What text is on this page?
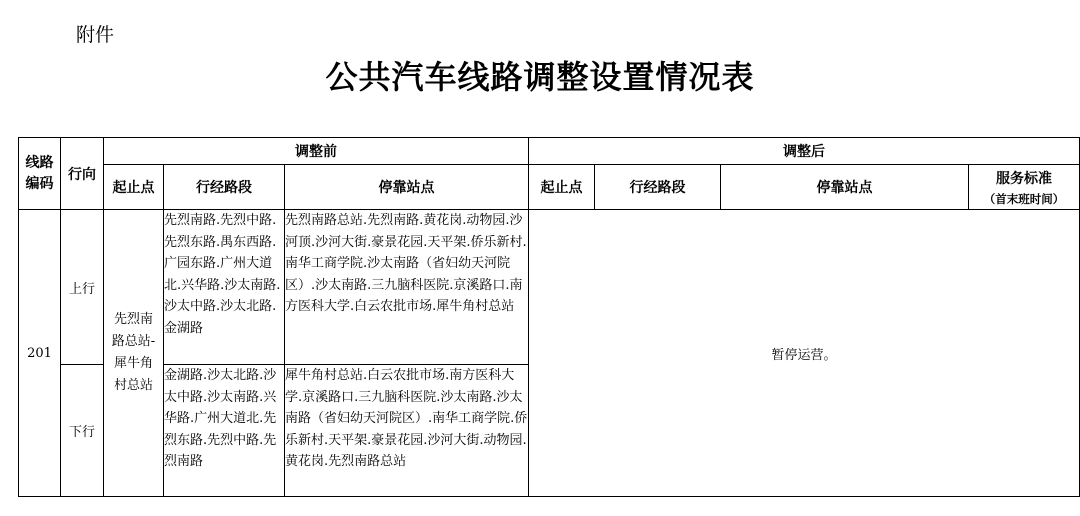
附件
公共汽车线路调整设置情况表
线路编码	行向	调整前			调整后			
		起止点	行经路段	停靠站点	起止点	行经路段	停靠站点	服务标准
（首末班时间）

201	上行	先烈南路总站-犀牛角村总站	先烈南路.先烈中路.先烈东路.禺东西路.广园东路.广州大道北.兴华路.沙太南路.沙太中路.沙太北路.金湖路	先烈南路总站.先烈南路.黄花岗.动物园.沙河顶.沙河大街.豪景花园.天平架.侨乐新村.南华工商学院.沙太南路（省妇幼天河院区）.沙太南路.三九脑科医院.京溪路口.南方医科大学.白云农批市场.犀牛角村总站	暂停运营。			
	下行		金湖路.沙太北路.沙太中路.沙太南路.兴华路.广州大道北.先烈东路.先烈中路.先烈南路	犀牛角村总站.白云农批市场.南方医科大学.京溪路口.三九脑科医院.沙太南路.沙太南路（省妇幼天河院区）.南华工商学院.侨乐新村.天平架.豪景花园.沙河大街.动物园.黄花岗.先烈南路总站				
